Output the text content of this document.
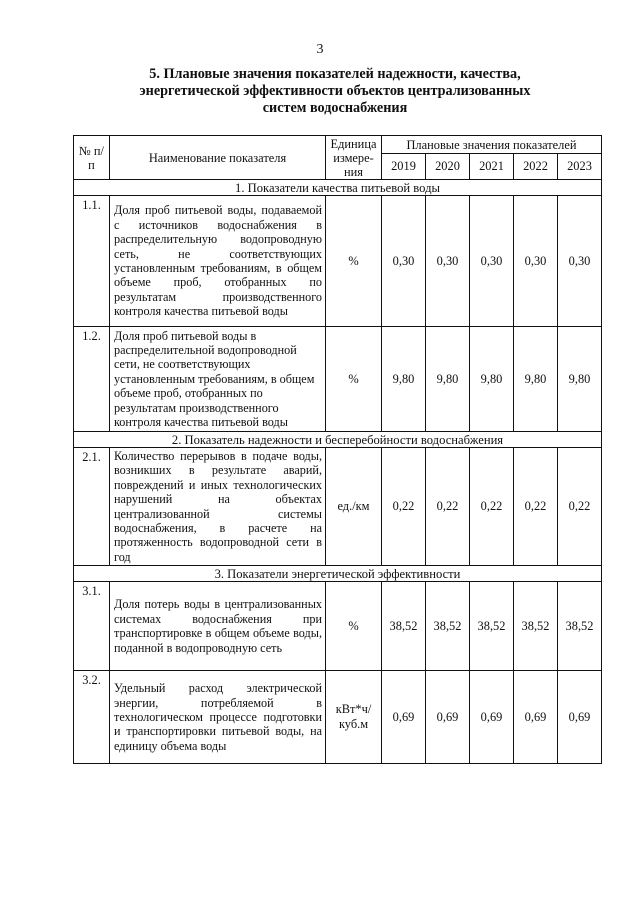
3
5. Плановые значения показателей надежности, качества,
энергетической эффективности объектов централизованных
систем водоснабжения
№ п/п	Наименование показателя	Единица измере-ния	Плановые значения показателей				
			2019	2020	2021	2022	2023
1. Показатели качества питьевой воды							
1.1.	Доля проб питьевой воды, подаваемой с источников водоснабжения в распределительную водопроводную сеть, не соответствующих установленным требованиям, в общем объеме проб, отобранных по результатам производственного контроля качества питьевой воды	%	0,30	0,30	0,30	0,30	0,30
1.2.	Доля проб питьевой воды в распределительной водопроводной сети, не соответствующих установленным требованиям, в общем объеме проб, отобранных по результатам производственного контроля качества питьевой воды	%	9,80	9,80	9,80	9,80	9,80
2. Показатель надежности и бесперебойности водоснабжения							
2.1.	Количество перерывов в подаче воды, возникших в результате аварий, повреждений и иных технологических нарушений на объектах централизованной системы водоснабжения, в расчете на протяженность водопроводной сети в год	ед./км	0,22	0,22	0,22	0,22	0,22
3. Показатели энергетической эффективности							
3.1.	Доля потерь воды в централизованных системах водоснабжения при транспортировке в общем объеме воды, поданной в водопроводную сеть	%	38,52	38,52	38,52	38,52	38,52
3.2.	Удельный расход электрической энергии, потребляемой в технологическом процессе подготовки и транспортировки питьевой воды, на единицу объема воды	кВт*ч/куб.м	0,69	0,69	0,69	0,69	0,69
